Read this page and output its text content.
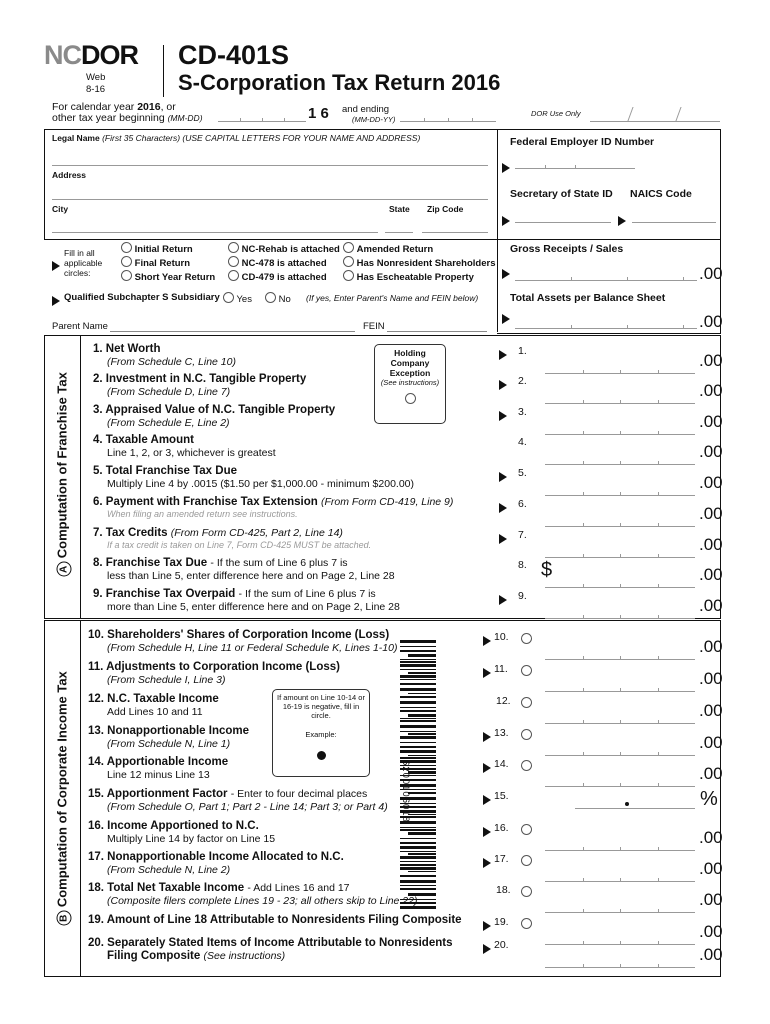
NCDOR
Web
8-16
CD-401S
S-Corporation Tax Return 2016
For calendar year 2016, or
other tax year beginning (MM-DD)	1 6 and ending
(MM-DD-YY)
DOR Use Only
Legal Name (First 35 Characters) (USE CAPITAL LETTERS FOR YOUR NAME AND ADDRESS)
Address
City	State Zip Code
Federal Employer ID Number
Secretary of State ID NAICS Code
Fill in all applicable circles:
Initial Return
Final Return
Short Year Return
NC-Rehab is attached
NC-478 is attached
CD-479 is attached
Amended Return
Has Nonresident Shareholders
Has Escheatable Property
Qualified Subchapter S Subsidiary	Yes	No (If yes, Enter Parent's Name and FEIN below)
Parent Name	FEIN
Gross Receipts / Sales
.00
Total Assets per Balance Sheet
.00
A Computation of Franchise Tax
Holding Company Exception
(See instructions)
1. Net Worth
(From Schedule C, Line 10)
1.	.00
2. Investment in N.C. Tangible Property
(From Schedule D, Line 7)
2.	.00
3. Appraised Value of N.C. Tangible Property
(From Schedule E, Line 2)
3.	.00
4. Taxable Amount
Line 1, 2, or 3, whichever is greatest
4.	.00
5. Total Franchise Tax Due
Multiply Line 4 by .0015 ($1.50 per $1,000.00 - minimum $200.00)
5.	.00
6. Payment with Franchise Tax Extension (From Form CD-419, Line 9)
When filing an amended return see instructions.
6.	.00
7. Tax Credits (From Form CD-425, Part 2, Line 14)
If a tax credit is taken on Line 7, Form CD-425 MUST be attached.
7.	.00
8. Franchise Tax Due - If the sum of Line 6 plus 7 is
less than Line 5, enter difference here and on Page 2, Line 28
8. $	.00
9. Franchise Tax Overpaid - If the sum of Line 6 plus 7 is
more than Line 5, enter difference here and on Page 2, Line 28
9.	.00
B Computation of Corporate Income Tax	If amount on Line 10-14 or 16-19 is negative, fill in circle.
Example:
6200106018
10. Shareholders' Shares of Corporation Income (Loss)
(From Schedule H, Line 11 or Federal Schedule K, Lines 1-10)
10.	.00
11. Adjustments to Corporation Income (Loss)
(From Schedule I, Line 3)
11.	.00
12. N.C. Taxable Income
Add Lines 10 and 11
12.	.00
13. Nonapportionable Income
(From Schedule N, Line 1)
13.	.00
14. Apportionable Income
Line 12 minus Line 13
14.	.00
15. Apportionment Factor - Enter to four decimal places
(From Schedule O, Part 1; Part 2 - Line 14; Part 3; or Part 4)
15.	%
16. Income Apportioned to N.C.
Multiply Line 14 by factor on Line 15
16.	.00
17. Nonapportionable Income Allocated to N.C.
(From Schedule N, Line 2)
17.	.00
18. Total Net Taxable Income - Add Lines 16 and 17
(Composite filers complete Lines 19 - 23; all others skip to Line 22)
18.	.00
19. Amount of Line 18 Attributable to Nonresidents Filing Composite	19.	.00
20. Separately Stated Items of Income Attributable to Nonresidents
Filing Composite (See instructions)
20.	.00
